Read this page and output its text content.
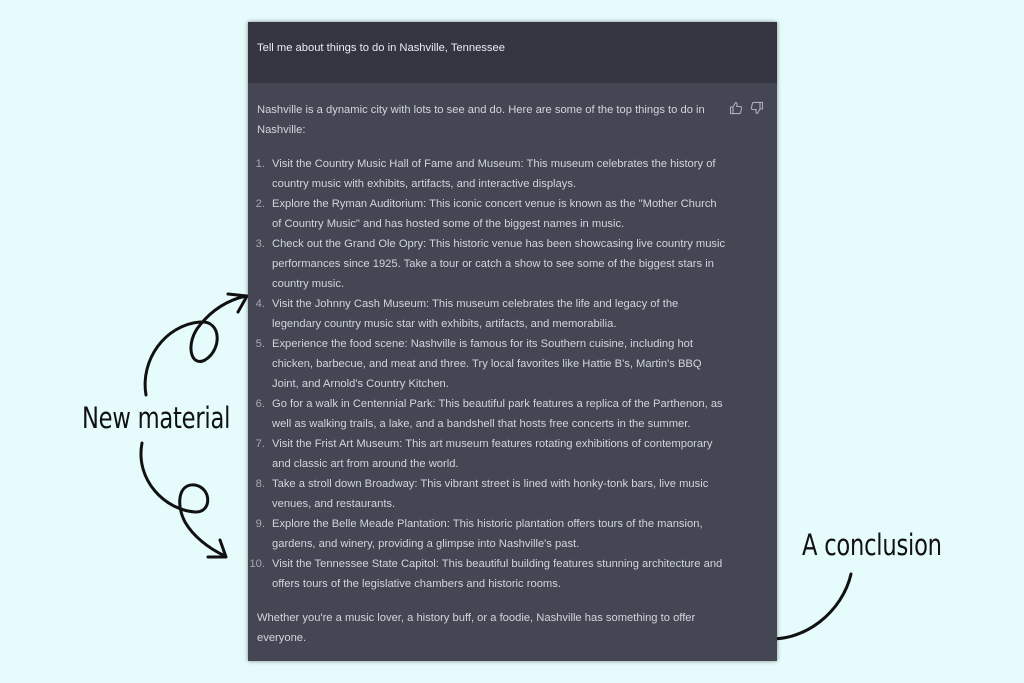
New material
A conclusion
Tell me about things to do in Nashville, Tennessee

Nashville is a dynamic city with lots to see and do. Here are some of the top things to do in Nashville:

1. Visit the Country Music Hall of Fame and Museum: This museum celebrates the history of country music with exhibits, artifacts, and interactive displays.
2. Explore the Ryman Auditorium: This iconic concert venue is known as the "Mother Church of Country Music" and has hosted some of the biggest names in music.
3. Check out the Grand Ole Opry: This historic venue has been showcasing live country music performances since 1925. Take a tour or catch a show to see some of the biggest stars in country music.
4. Visit the Johnny Cash Museum: This museum celebrates the life and legacy of the legendary country music star with exhibits, artifacts, and memorabilia.
5. Experience the food scene: Nashville is famous for its Southern cuisine, including hot chicken, barbecue, and meat and three. Try local favorites like Hattie B's, Martin's BBQ Joint, and Arnold's Country Kitchen.
6. Go for a walk in Centennial Park: This beautiful park features a replica of the Parthenon, as well as walking trails, a lake, and a bandshell that hosts free concerts in the summer.
7. Visit the Frist Art Museum: This art museum features rotating exhibitions of contemporary and classic art from around the world.
8. Take a stroll down Broadway: This vibrant street is lined with honky-tonk bars, live music venues, and restaurants.
9. Explore the Belle Meade Plantation: This historic plantation offers tours of the mansion, gardens, and winery, providing a glimpse into Nashville's past.
10. Visit the Tennessee State Capitol: This beautiful building features stunning architecture and offers tours of the legislative chambers and historic rooms.

Whether you're a music lover, a history buff, or a foodie, Nashville has something to offer everyone.
